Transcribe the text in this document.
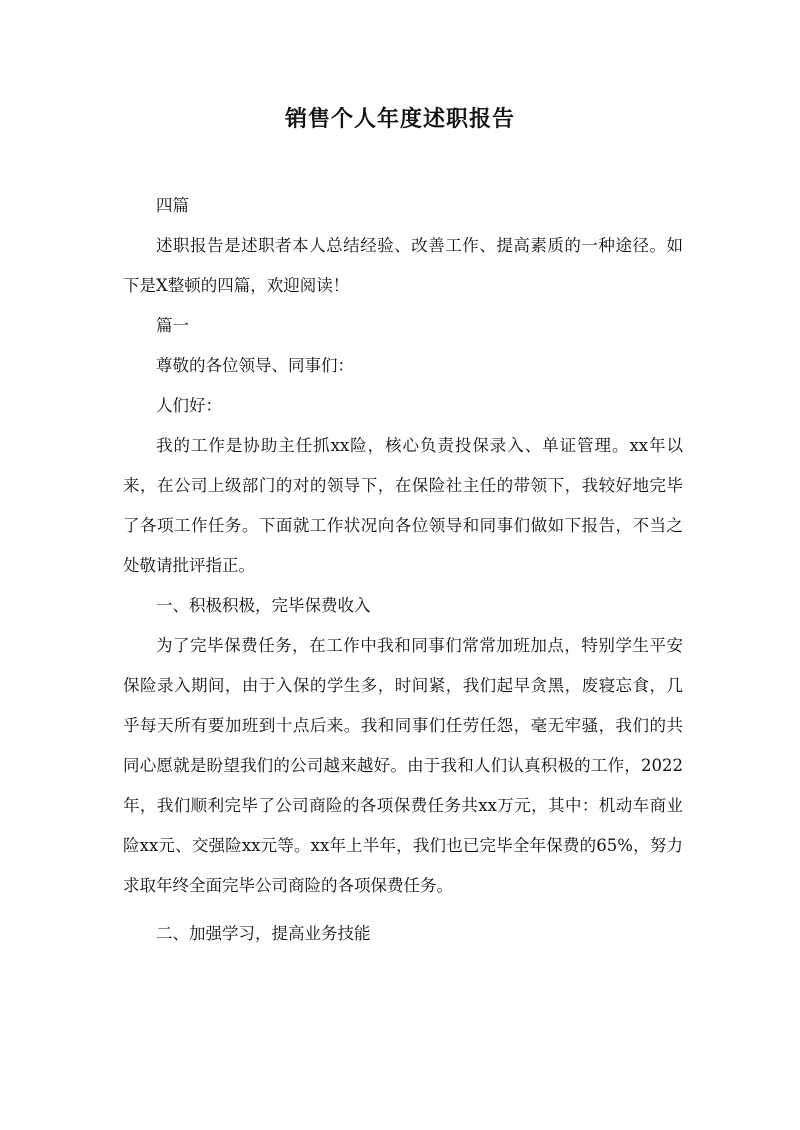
销售个人年度述职报告

四篇

述职报告是述职者本人总结经验、改善工作、提高素质的一种途径。如下是X整顿的四篇，欢迎阅读！

篇一

尊敬的各位领导、同事们：

人们好：

我的工作是协助主任抓xx险，核心负责投保录入、单证管理。xx年以来，在公司上级部门的对的领导下，在保险社主任的带领下，我较好地完毕了各项工作任务。下面就工作状况向各位领导和同事们做如下报告，不当之处敬请批评指正。

一、积极积极，完毕保费收入

为了完毕保费任务，在工作中我和同事们常常加班加点，特别学生平安保险录入期间，由于入保的学生多，时间紧，我们起早贪黑，废寝忘食，几乎每天所有要加班到十点后来。我和同事们任劳任怨，毫无牢骚，我们的共同心愿就是盼望我们的公司越来越好。由于我和人们认真积极的工作，2022年，我们顺利完毕了公司商险的各项保费任务共xx万元，其中：机动车商业险xx元、交强险xx元等。xx年上半年，我们也已完毕全年保费的65%，努力求取年终全面完毕公司商险的各项保费任务。

二、加强学习，提高业务技能
